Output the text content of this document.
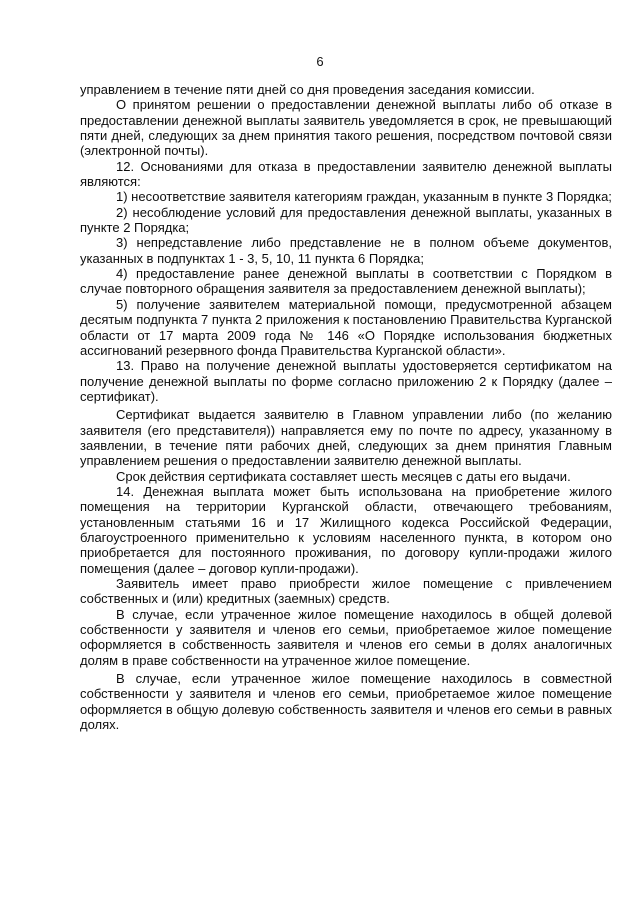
6

управлением в течение пяти дней со дня проведения заседания комиссии.

О принятом решении о предоставлении денежной выплаты либо об отказе в предоставлении денежной выплаты заявитель уведомляется в срок, не превышающий пяти дней, следующих за днем принятия такого решения, посредством почтовой связи (электронной почты).

12. Основаниями для отказа в предоставлении заявителю денежной выплаты являются:

1) несоответствие заявителя категориям граждан, указанным в пункте 3 Порядка;

2) несоблюдение условий для предоставления денежной выплаты, указанных в пункте 2 Порядка;

3) непредставление либо представление не в полном объеме документов, указанных в подпунктах 1 - 3, 5, 10, 11 пункта 6 Порядка;

4) предоставление ранее денежной выплаты в соответствии с Порядком в случае повторного обращения заявителя за предоставлением денежной выплаты);

5) получение заявителем материальной помощи, предусмотренной абзацем десятым подпункта 7 пункта 2 приложения к постановлению Правительства Курганской области от 17 марта 2009 года № 146 «О Порядке использования бюджетных ассигнований резервного фонда Правительства Курганской области».

13. Право на получение денежной выплаты удостоверяется сертификатом на получение денежной выплаты по форме согласно приложению 2 к Порядку (далее – сертификат).

Сертификат выдается заявителю в Главном управлении либо (по желанию заявителя (его представителя)) направляется ему по почте по адресу, указанному в заявлении, в течение пяти рабочих дней, следующих за днем принятия Главным управлением решения о предоставлении заявителю денежной выплаты.

Срок действия сертификата составляет шесть месяцев с даты его выдачи.

14. Денежная выплата может быть использована на приобретение жилого помещения на территории Курганской области, отвечающего требованиям, установленным статьями 16 и 17 Жилищного кодекса Российской Федерации, благоустроенного применительно к условиям населенного пункта, в котором оно приобретается для постоянного проживания, по договору купли-продажи жилого помещения (далее – договор купли-продажи).

Заявитель имеет право приобрести жилое помещение с привлечением собственных и (или) кредитных (заемных) средств.

В случае, если утраченное жилое помещение находилось в общей долевой собственности у заявителя и членов его семьи, приобретаемое жилое помещение оформляется в собственность заявителя и членов его семьи в долях аналогичных долям в праве собственности на утраченное жилое помещение.

В случае, если утраченное жилое помещение находилось в совместной собственности у заявителя и членов его семьи, приобретаемое жилое помещение оформляется в общую долевую собственность заявителя и членов его семьи в равных долях.
